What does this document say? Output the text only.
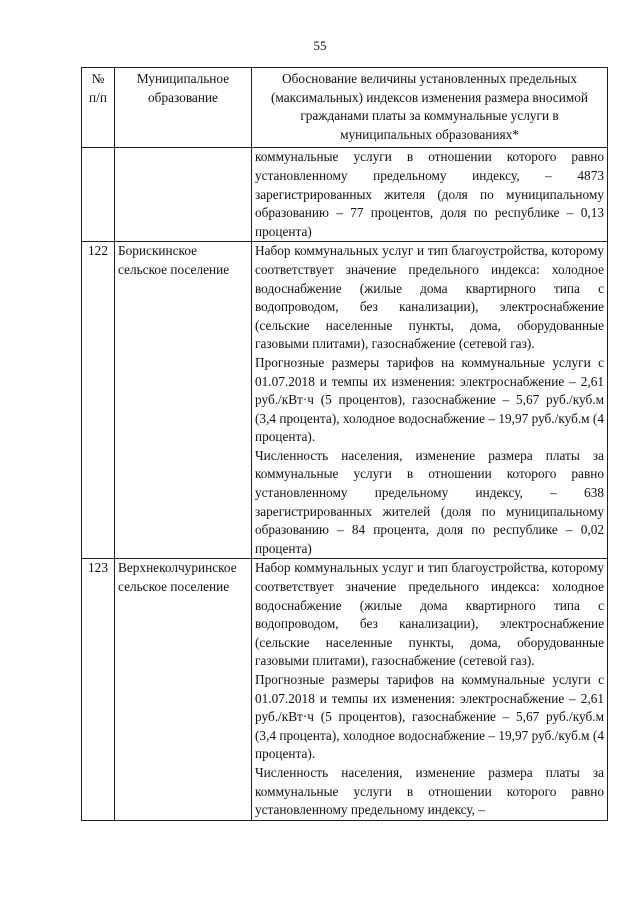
55
№ п/п	Муниципальное образование	Обоснование величины установленных предельных (максимальных) индексов изменения размера вносимой гражданами платы за коммунальные услуги в муниципальных образованиях*

		коммунальные услуги в отношении которого равно установленному предельному индексу, – 4873 зарегистрированных жителя (доля по муниципальному образованию – 77 процентов, доля по республике – 0,13 процента)

122	Борискинское сельское поселение	Набор коммунальных услуг и тип благоустройства, которому соответствует значение предельного индекса: холодное водоснабжение (жилые дома квартирного типа с водопроводом, без канализации), электроснабжение (сельские населенные пункты, дома, оборудованные газовыми плитами), газоснабжение (сетевой газ).
Прогнозные размеры тарифов на коммунальные услуги с 01.07.2018 и темпы их изменения: электроснабжение – 2,61 руб./кВт·ч (5 процентов), газоснабжение – 5,67 руб./куб.м (3,4 процента), холодное водоснабжение – 19,97 руб./куб.м (4 процента).
Численность населения, изменение размера платы за коммунальные услуги в отношении которого равно установленному предельному индексу, – 638 зарегистрированных жителей (доля по муниципальному образованию – 84 процента, доля по республике – 0,02 процента)

123	Верхнеколчуринское сельское поселение	Набор коммунальных услуг и тип благоустройства, которому соответствует значение предельного индекса: холодное водоснабжение (жилые дома квартирного типа с водопроводом, без канализации), электроснабжение (сельские населенные пункты, дома, оборудованные газовыми плитами), газоснабжение (сетевой газ).
Прогнозные размеры тарифов на коммунальные услуги с 01.07.2018 и темпы их изменения: электроснабжение – 2,61 руб./кВт·ч (5 процентов), газоснабжение – 5,67 руб./куб.м (3,4 процента), холодное водоснабжение – 19,97 руб./куб.м (4 процента).
Численность населения, изменение размера платы за коммунальные услуги в отношении которого равно установленному предельному индексу, –
